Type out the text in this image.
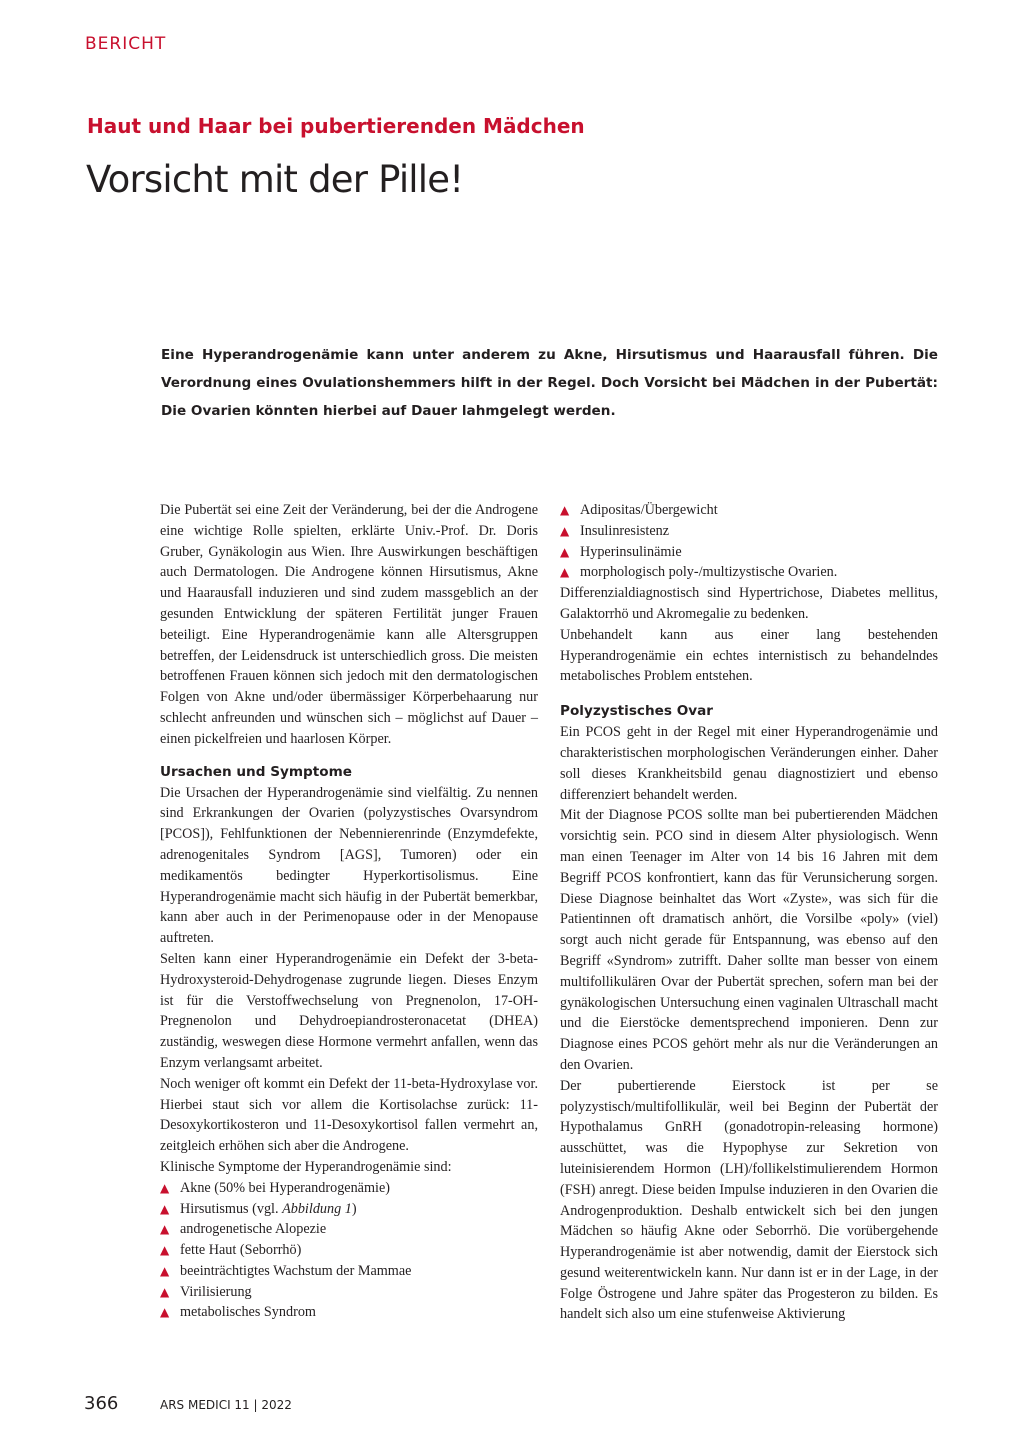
BERICHT
Haut und Haar bei pubertierenden Mädchen
Vorsicht mit der Pille!

Eine Hyperandrogenämie kann unter anderem zu Akne, Hirsutismus und Haarausfall führen. Die Verordnung eines Ovulationshemmers hilft in der Regel. Doch Vorsicht bei Mädchen in der Pubertät: Die Ovarien könnten hierbei auf Dauer lahmgelegt werden.

Die Pubertät sei eine Zeit der Veränderung, bei der die Androgene eine wichtige Rolle spielten, erklärte Univ.-Prof. Dr. Doris Gruber, Gynäkologin aus Wien. Ihre Auswirkungen beschäftigen auch Dermatologen. Die Androgene können Hirsutismus, Akne und Haarausfall induzieren und sind zudem massgeblich an der gesunden Entwicklung der späteren Fertilität junger Frauen beteiligt. Eine Hyperandrogenämie kann alle Altersgruppen betreffen, der Leidensdruck ist unterschiedlich gross. Die meisten betroffenen Frauen können sich jedoch mit den dermatologischen Folgen von Akne und/oder übermässiger Körperbehaarung nur schlecht anfreunden und wünschen sich – möglichst auf Dauer – einen pickelfreien und haarlosen Körper.

Ursachen und Symptome

Die Ursachen der Hyperandrogenämie sind vielfältig. Zu nennen sind Erkrankungen der Ovarien (polyzystisches Ovarsyndrom [PCOS]), Fehlfunktionen der Nebennierenrinde (Enzymdefekte, adrenogenitales Syndrom [AGS], Tumoren) oder ein medikamentös bedingter Hyperkortisolismus. Eine Hyperandrogenämie macht sich häufig in der Pubertät bemerkbar, kann aber auch in der Perimenopause oder in der Menopause auftreten.

Selten kann einer Hyperandrogenämie ein Defekt der 3-beta-Hydroxysteroid-Dehydrogenase zugrunde liegen. Dieses Enzym ist für die Verstoffwechselung von Pregnenolon, 17-OH-Pregnenolon und Dehydroepiandrosteronacetat (DHEA) zuständig, weswegen diese Hormone vermehrt anfallen, wenn das Enzym verlangsamt arbeitet.

Noch weniger oft kommt ein Defekt der 11-beta-Hydroxylase vor. Hierbei staut sich vor allem die Kortisolachse zurück: 11-Desoxykortikosteron und 11-Desoxykortisol fallen vermehrt an, zeitgleich erhöhen sich aber die Androgene.

Klinische Symptome der Hyperandrogenämie sind:

▲ Akne (50% bei Hyperandrogenämie)
▲ Hirsutismus (vgl. Abbildung 1)
▲ androgenetische Alopezie
▲ fette Haut (Seborrhö)
▲ beeinträchtigtes Wachstum der Mammae
▲ Virilisierung
▲ metabolisches Syndrom
▲ Adipositas/Übergewicht
▲ Insulinresistenz
▲ Hyperinsulinämie
▲ morphologisch poly-/multizystische Ovarien.

Differenzialdiagnostisch sind Hypertrichose, Diabetes mellitus, Galaktorrhö und Akromegalie zu bedenken.

Unbehandelt kann aus einer lang bestehenden Hyperandrogenämie ein echtes internistisch zu behandelndes metabolisches Problem entstehen.

Polyzystisches Ovar

Ein PCOS geht in der Regel mit einer Hyperandrogenämie und charakteristischen morphologischen Veränderungen einher. Daher soll dieses Krankheitsbild genau diagnostiziert und ebenso differenziert behandelt werden.

Mit der Diagnose PCOS sollte man bei pubertierenden Mädchen vorsichtig sein. PCO sind in diesem Alter physiologisch. Wenn man einen Teenager im Alter von 14 bis 16 Jahren mit dem Begriff PCOS konfrontiert, kann das für Verunsicherung sorgen. Diese Diagnose beinhaltet das Wort «Zyste», was sich für die Patientinnen oft dramatisch anhört, die Vorsilbe «poly» (viel) sorgt auch nicht gerade für Entspannung, was ebenso auf den Begriff «Syndrom» zutrifft. Daher sollte man besser von einem multifollikulären Ovar der Pubertät sprechen, sofern man bei der gynäkologischen Untersuchung einen vaginalen Ultraschall macht und die Eierstöcke dementsprechend imponieren. Denn zur Diagnose eines PCOS gehört mehr als nur die Veränderungen an den Ovarien.

Der pubertierende Eierstock ist per se polyzystisch/multifollikulär, weil bei Beginn der Pubertät der Hypothalamus GnRH (gonadotropin-releasing hormone) ausschüttet, was die Hypophyse zur Sekretion von luteinisierendem Hormon (LH)/follikelstimulierendem Hormon (FSH) anregt. Diese beiden Impulse induzieren in den Ovarien die Androgenproduktion. Deshalb entwickelt sich bei den jungen Mädchen so häufig Akne oder Seborrhö. Die vorübergehende Hyperandrogenämie ist aber notwendig, damit der Eierstock sich gesund weiterentwickeln kann. Nur dann ist er in der Lage, in der Folge Östrogene und Jahre später das Progesteron zu bilden. Es handelt sich also um eine stufenweise Aktivierung

366	ARS MEDICI 11 | 2022
